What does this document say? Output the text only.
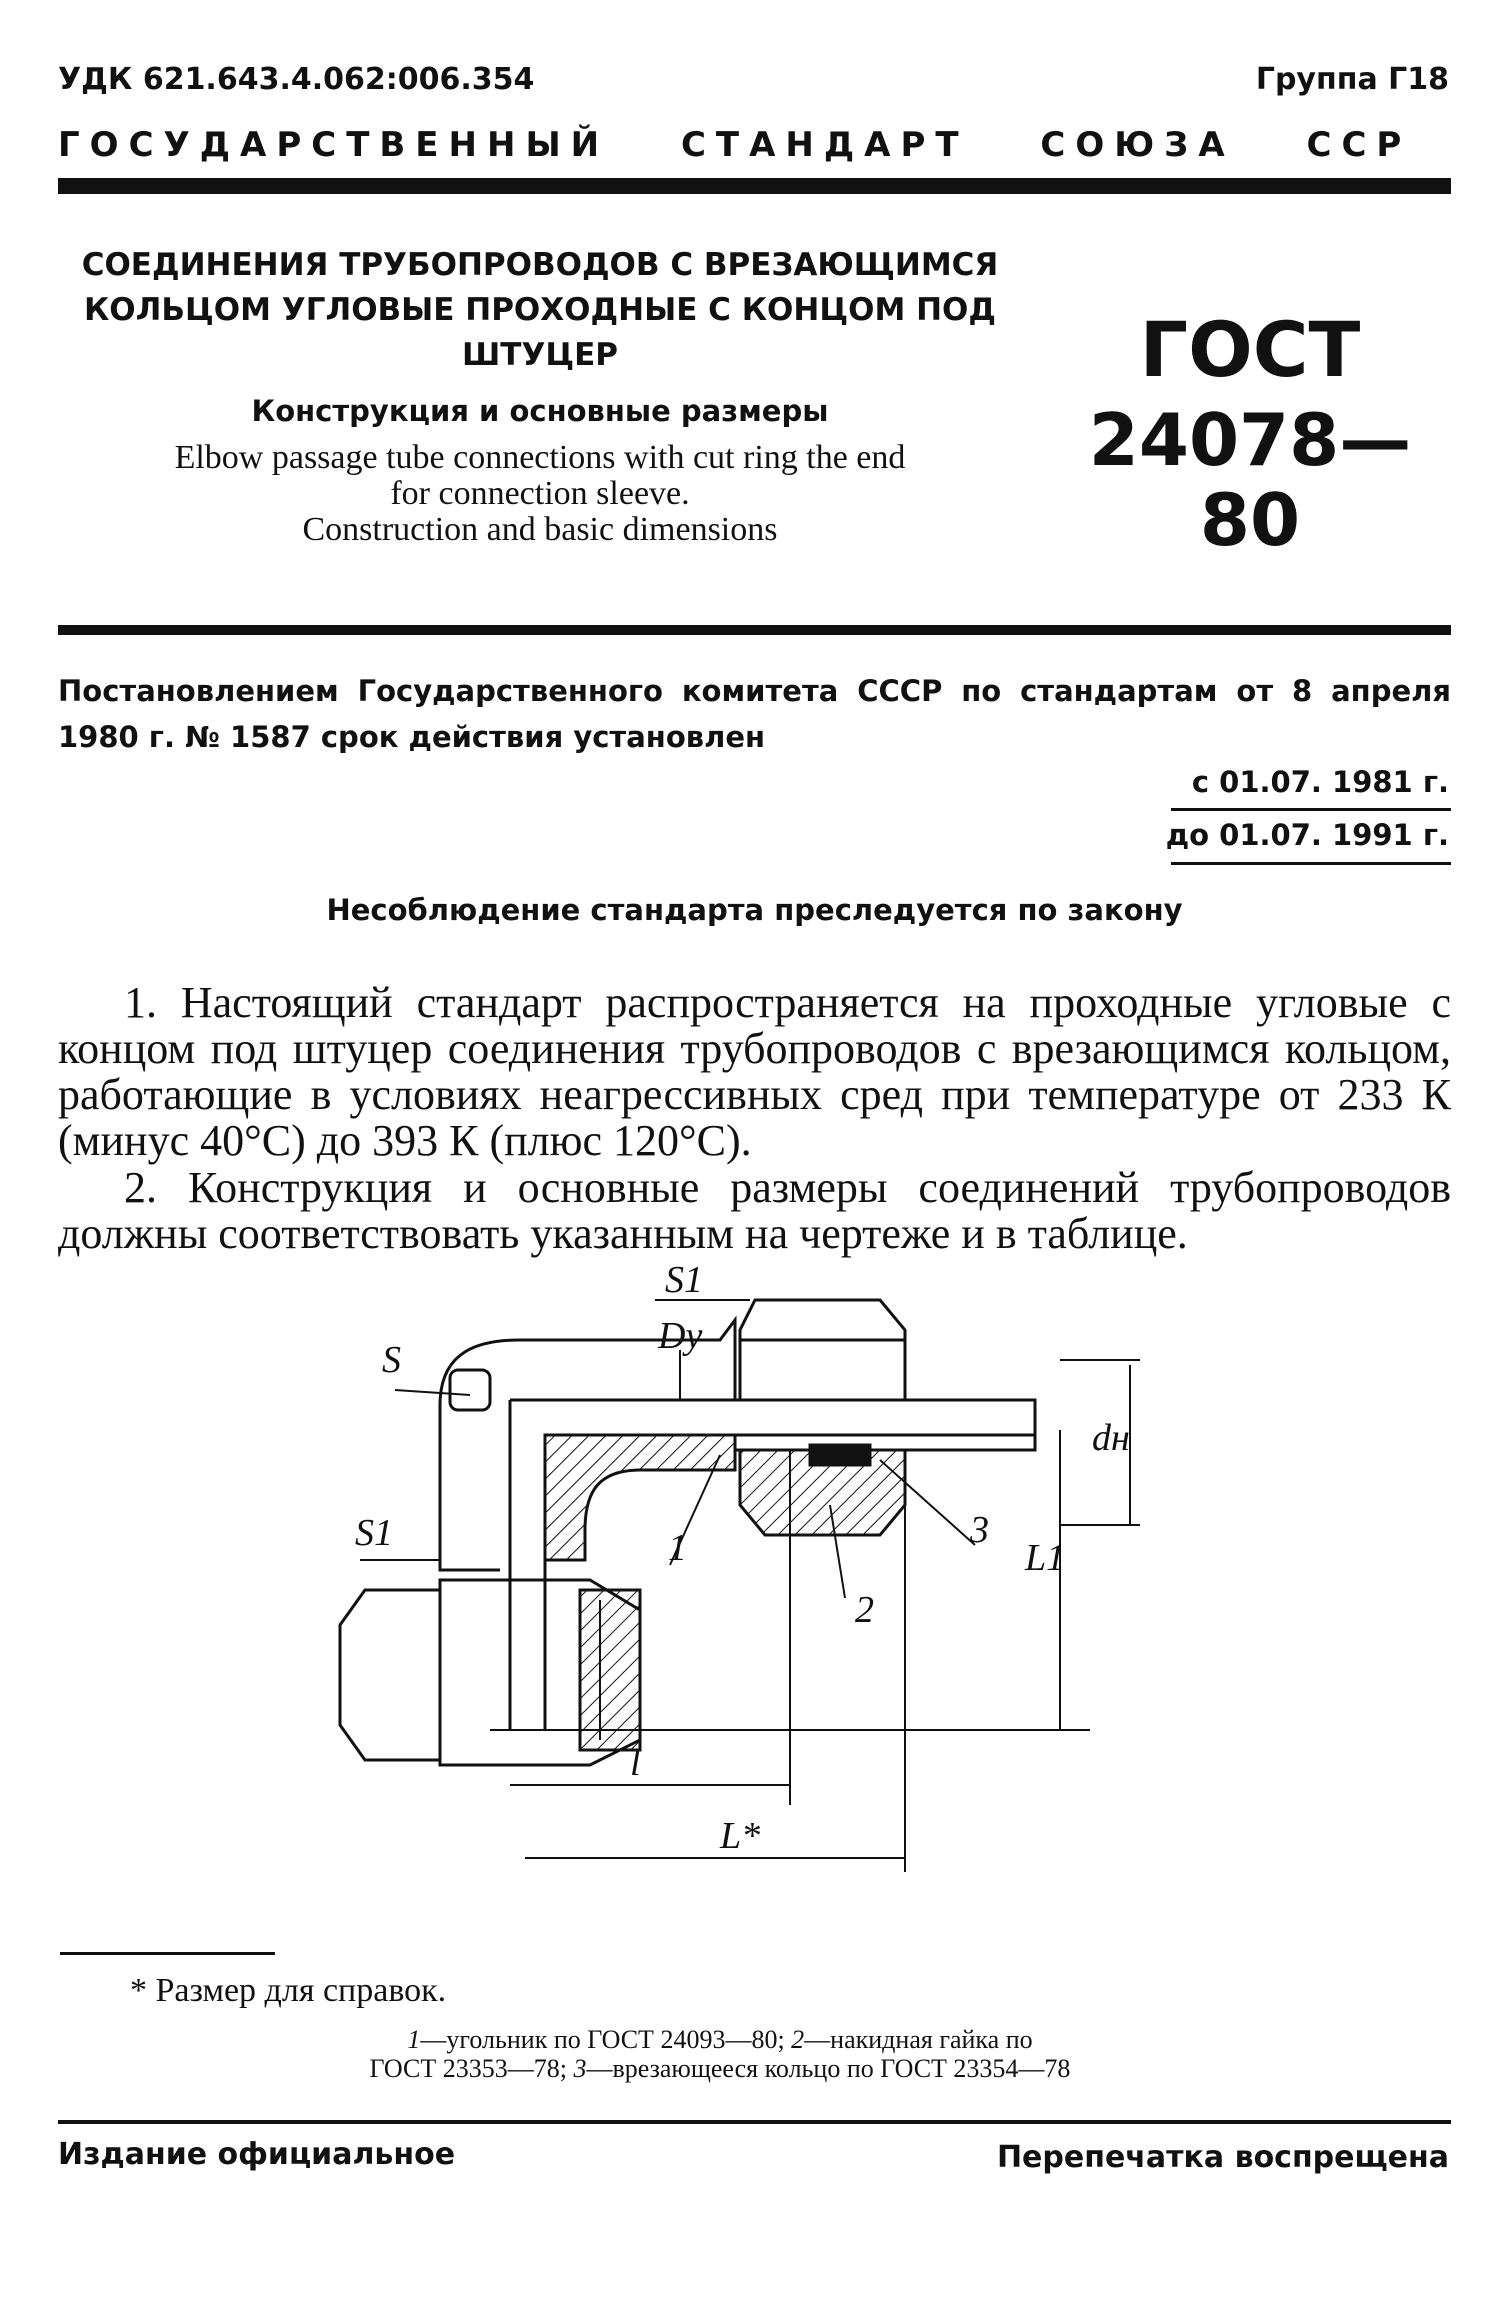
УДК 621.643.4.062:006.354	Группа Г18
ГОСУДАРСТВЕННЫЙ СТАНДАРТ СОЮЗА ССР

СОЕДИНЕНИЯ ТРУБОПРОВОДОВ С ВРЕЗАЮЩИМСЯ
КОЛЬЦОМ УГЛОВЫЕ ПРОХОДНЫЕ С КОНЦОМ ПОД
ШТУЦЕР

Конструкция и основные размеры

Elbow passage tube connections with cut ring the end
for connection sleeve.
Construction and basic dimensions

ГОСТ
24078—80
Постановлением Государственного комитета СССР по стандартам от 8 апреля 1980 г. № 1587 срок действия установлен
с 01.07. 1981 г.
до 01.07. 1991 г.
Несоблюдение стандарта преследуется по закону

1. Настоящий стандарт распространяется на проходные угловые с концом под штуцер соединения трубопроводов с врезающимся кольцом, работающие в условиях неагрессивных сред при температуре от 233 К (минус 40°С) до 393 К (плюс 120°С).

2. Конструкция и основные размеры соединений трубопроводов должны соответствовать указанным на чертеже и в таблице.

S
S1
S1
Dy
dн
L1
l
L*
1
2
3
* Размер для справок.
1—угольник по ГОСТ 24093—80; 2—накидная гайка по
ГОСТ 23353—78; 3—врезающееся кольцо по ГОСТ 23354—78
Издание официальное	Перепечатка воспрещена
